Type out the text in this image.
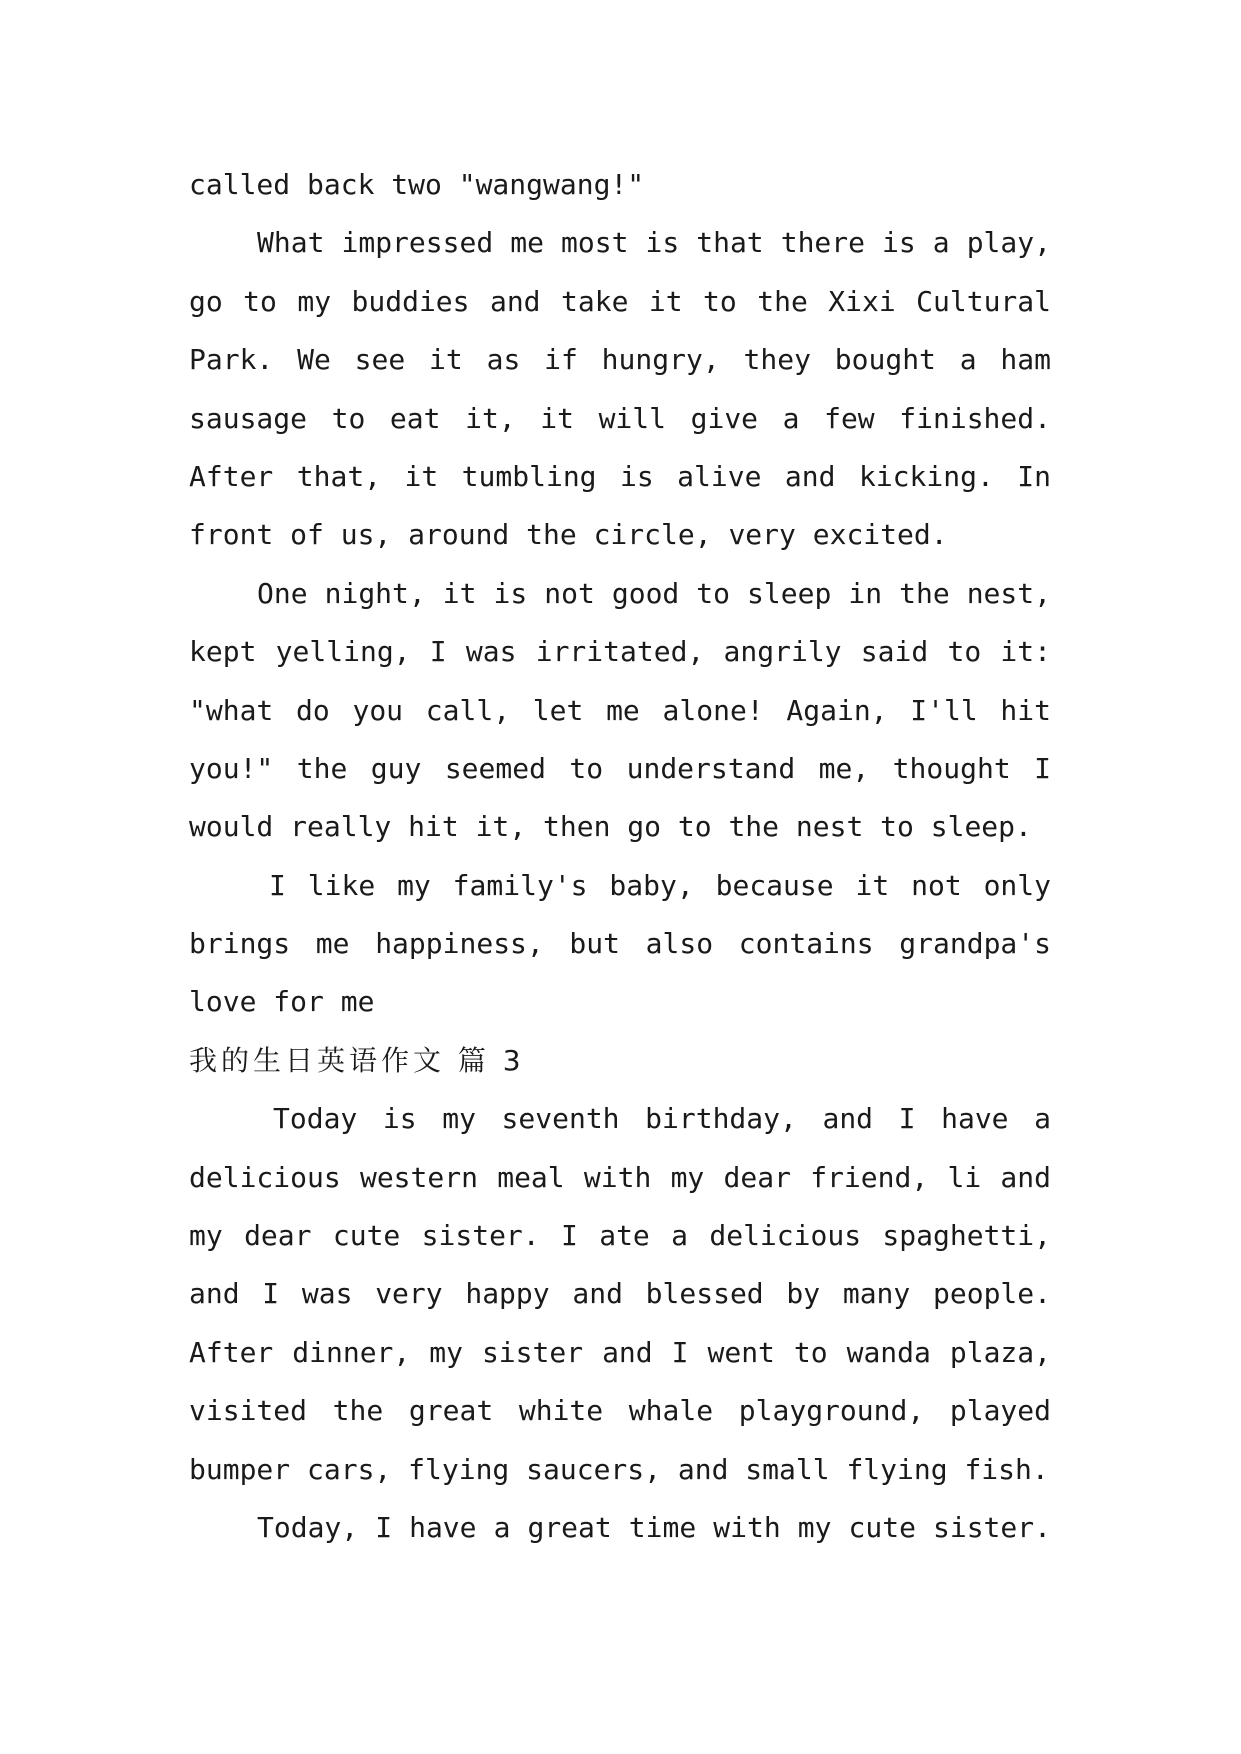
called back two "wangwang!"
What impressed me most is that there is a play,
go to my buddies and take it to the Xixi Cultural
Park. We see it as if hungry, they bought a ham
sausage to eat it, it will give a few finished.
After that, it tumbling is alive and kicking. In
front of us, around the circle, very excited.
One night, it is not good to sleep in the nest,
kept yelling, I was irritated, angrily said to it:
"what do you call, let me alone! Again, I'll hit
you!" the guy seemed to understand me, thought I
would really hit it, then go to the nest to sleep.
I like my family's baby, because it not only
brings me happiness, but also contains grandpa's
love for me
我的生日英语作文 篇 3
Today is my seventh birthday, and I have a
delicious western meal with my dear friend, li and
my dear cute sister. I ate a delicious spaghetti,
and I was very happy and blessed by many people.
After dinner, my sister and I went to wanda plaza,
visited the great white whale playground, played
bumper cars, flying saucers, and small flying fish.
Today, I have a great time with my cute sister.
